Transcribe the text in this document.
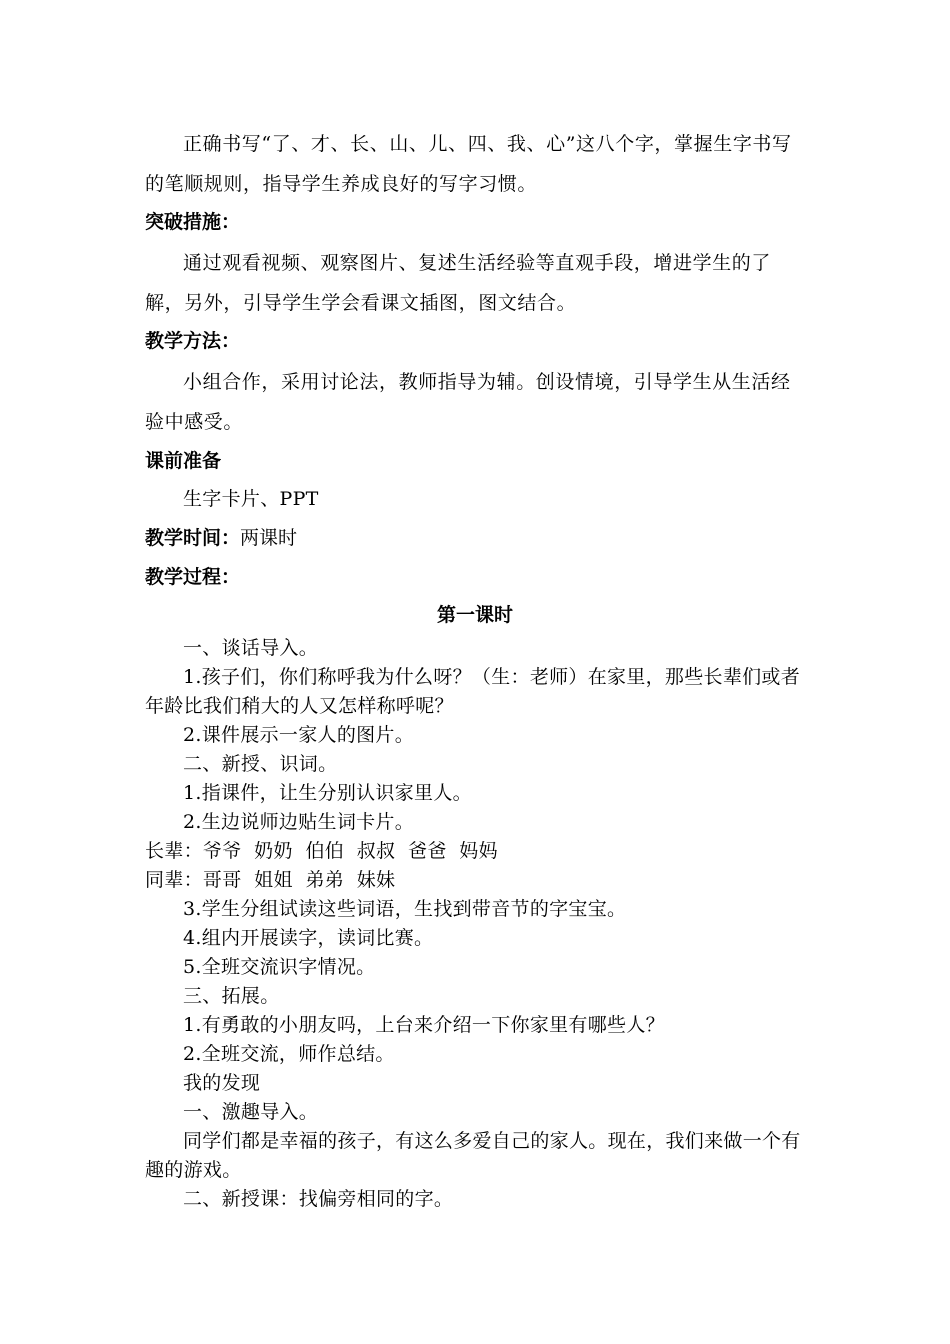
正确书写“了、才、长、山、儿、四、我、心”这八个字，掌握生字书写的笔顺规则，指导学生养成良好的写字习惯。

突破措施：

通过观看视频、观察图片、复述生活经验等直观手段，增进学生的了解，另外，引导学生学会看课文插图，图文结合。

教学方法：

小组合作，采用讨论法，教师指导为辅。创设情境，引导学生从生活经验中感受。

课前准备
生字卡片、PPT
教学时间：两课时
教学过程：
第一课时
一、谈话导入。
1.孩子们，你们称呼我为什么呀？（生：老师）在家里，那些长辈们或者年龄比我们稍大的人又怎样称呼呢？
2.课件展示一家人的图片。
二、新授、识词。
1.指课件，让生分别认识家里人。
2.生边说师边贴生词卡片。
长辈：爷爷  奶奶  伯伯  叔叔  爸爸  妈妈
同辈：哥哥  姐姐  弟弟  妹妹
3.学生分组试读这些词语，生找到带音节的字宝宝。
4.组内开展读字，读词比赛。
5.全班交流识字情况。
三、拓展。
1.有勇敢的小朋友吗，上台来介绍一下你家里有哪些人？
2.全班交流，师作总结。
我的发现
一、激趣导入。
同学们都是幸福的孩子，有这么多爱自己的家人。现在，我们来做一个有趣的游戏。
二、新授课：找偏旁相同的字。
